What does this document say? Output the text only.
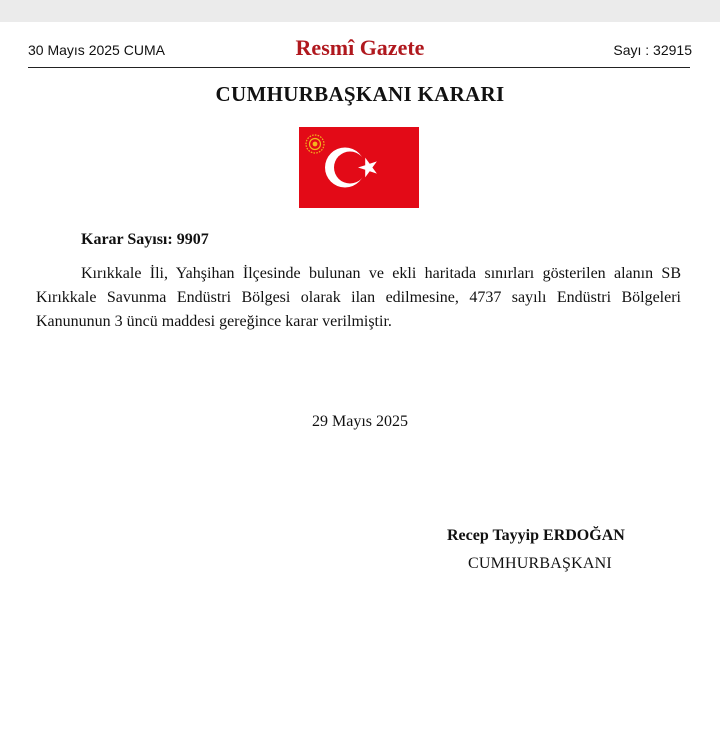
30 Mayıs 2025 CUMA	Resmî Gazete	Sayı : 32915
CUMHURBAŞKANI KARARI
Karar Sayısı: 9907

Kırıkkale İli, Yahşihan İlçesinde bulunan ve ekli haritada sınırları gösterilen alanın SB Kırıkkale Savunma Endüstri Bölgesi olarak ilan edilmesine, 4737 sayılı Endüstri Bölgeleri Kanununun 3 üncü maddesi gereğince karar verilmiştir.

29 Mayıs 2025
Recep Tayyip ERDOĞAN
CUMHURBAŞKANI
